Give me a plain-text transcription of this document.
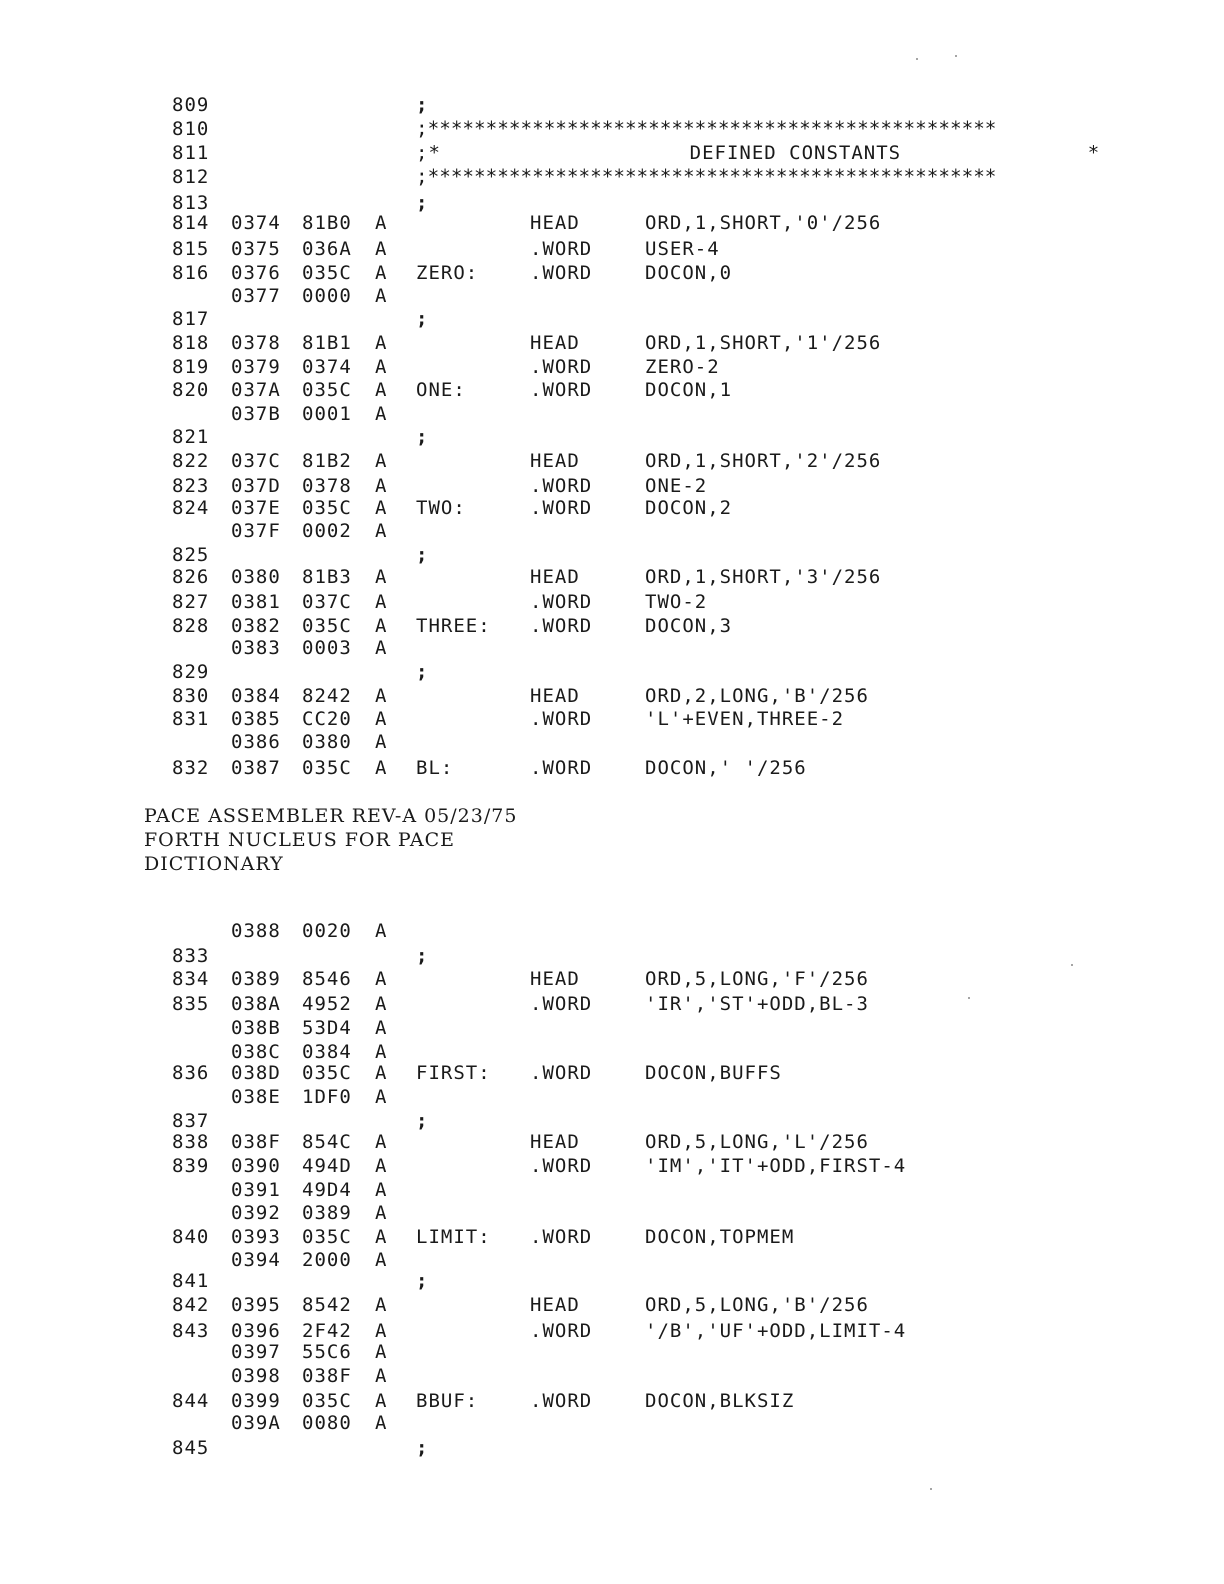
809	;
810	;*************************************************
811	;*                    DEFINED CONSTANTS               *
812	;*************************************************
813	;
814 0374 81B0 A	HEAD	ORD,1,SHORT,'0'/256
815 0375 036A A	.WORD	USER-4
816 0376 035C A ZERO:	.WORD	DOCON,0
0377 0000 A
817	;
818 0378 81B1 A	HEAD	ORD,1,SHORT,'1'/256
819 0379 0374 A	.WORD	ZERO-2
820 037A 035C A ONE:	.WORD	DOCON,1
037B 0001 A
821	;
822 037C 81B2 A	HEAD	ORD,1,SHORT,'2'/256
823 037D 0378 A	.WORD	ONE-2
824 037E 035C A TWO:	.WORD	DOCON,2
037F 0002 A
825	;
826 0380 81B3 A	HEAD	ORD,1,SHORT,'3'/256
827 0381 037C A	.WORD	TWO-2
828 0382 035C A THREE: .WORD	DOCON,3
0383 0003 A
829	;
830 0384 8242 A	HEAD	ORD,2,LONG,'B'/256
831 0385 CC20 A	.WORD	'L'+EVEN,THREE-2
0386 0380 A
832 0387 035C A BL:	.WORD	DOCON,' '/256
PACE ASSEMBLER REV-A 05/23/75
FORTH NUCLEUS FOR PACE
DICTIONARY
0388 0020 A
833	;
834 0389 8546 A	HEAD	ORD,5,LONG,'F'/256
835 038A 4952 A	.WORD	'IR','ST'+ODD,BL-3
038B 53D4 A
038C 0384 A
836 038D 035C A FIRST: .WORD	DOCON,BUFFS
038E 1DF0 A
837	;
838 038F 854C A	HEAD	ORD,5,LONG,'L'/256
839 0390 494D A	.WORD	'IM','IT'+ODD,FIRST-4
0391 49D4 A
0392 0389 A
840 0393 035C A LIMIT: .WORD	DOCON,TOPMEM
0394 2000 A
841	;
842 0395 8542 A	HEAD	ORD,5,LONG,'B'/256
843 0396 2F42 A	.WORD	'/B','UF'+ODD,LIMIT-4
0397 55C6 A
0398 038F A
844 0399 035C A BBUF:	.WORD	DOCON,BLKSIZ
039A 0080 A
845	;
